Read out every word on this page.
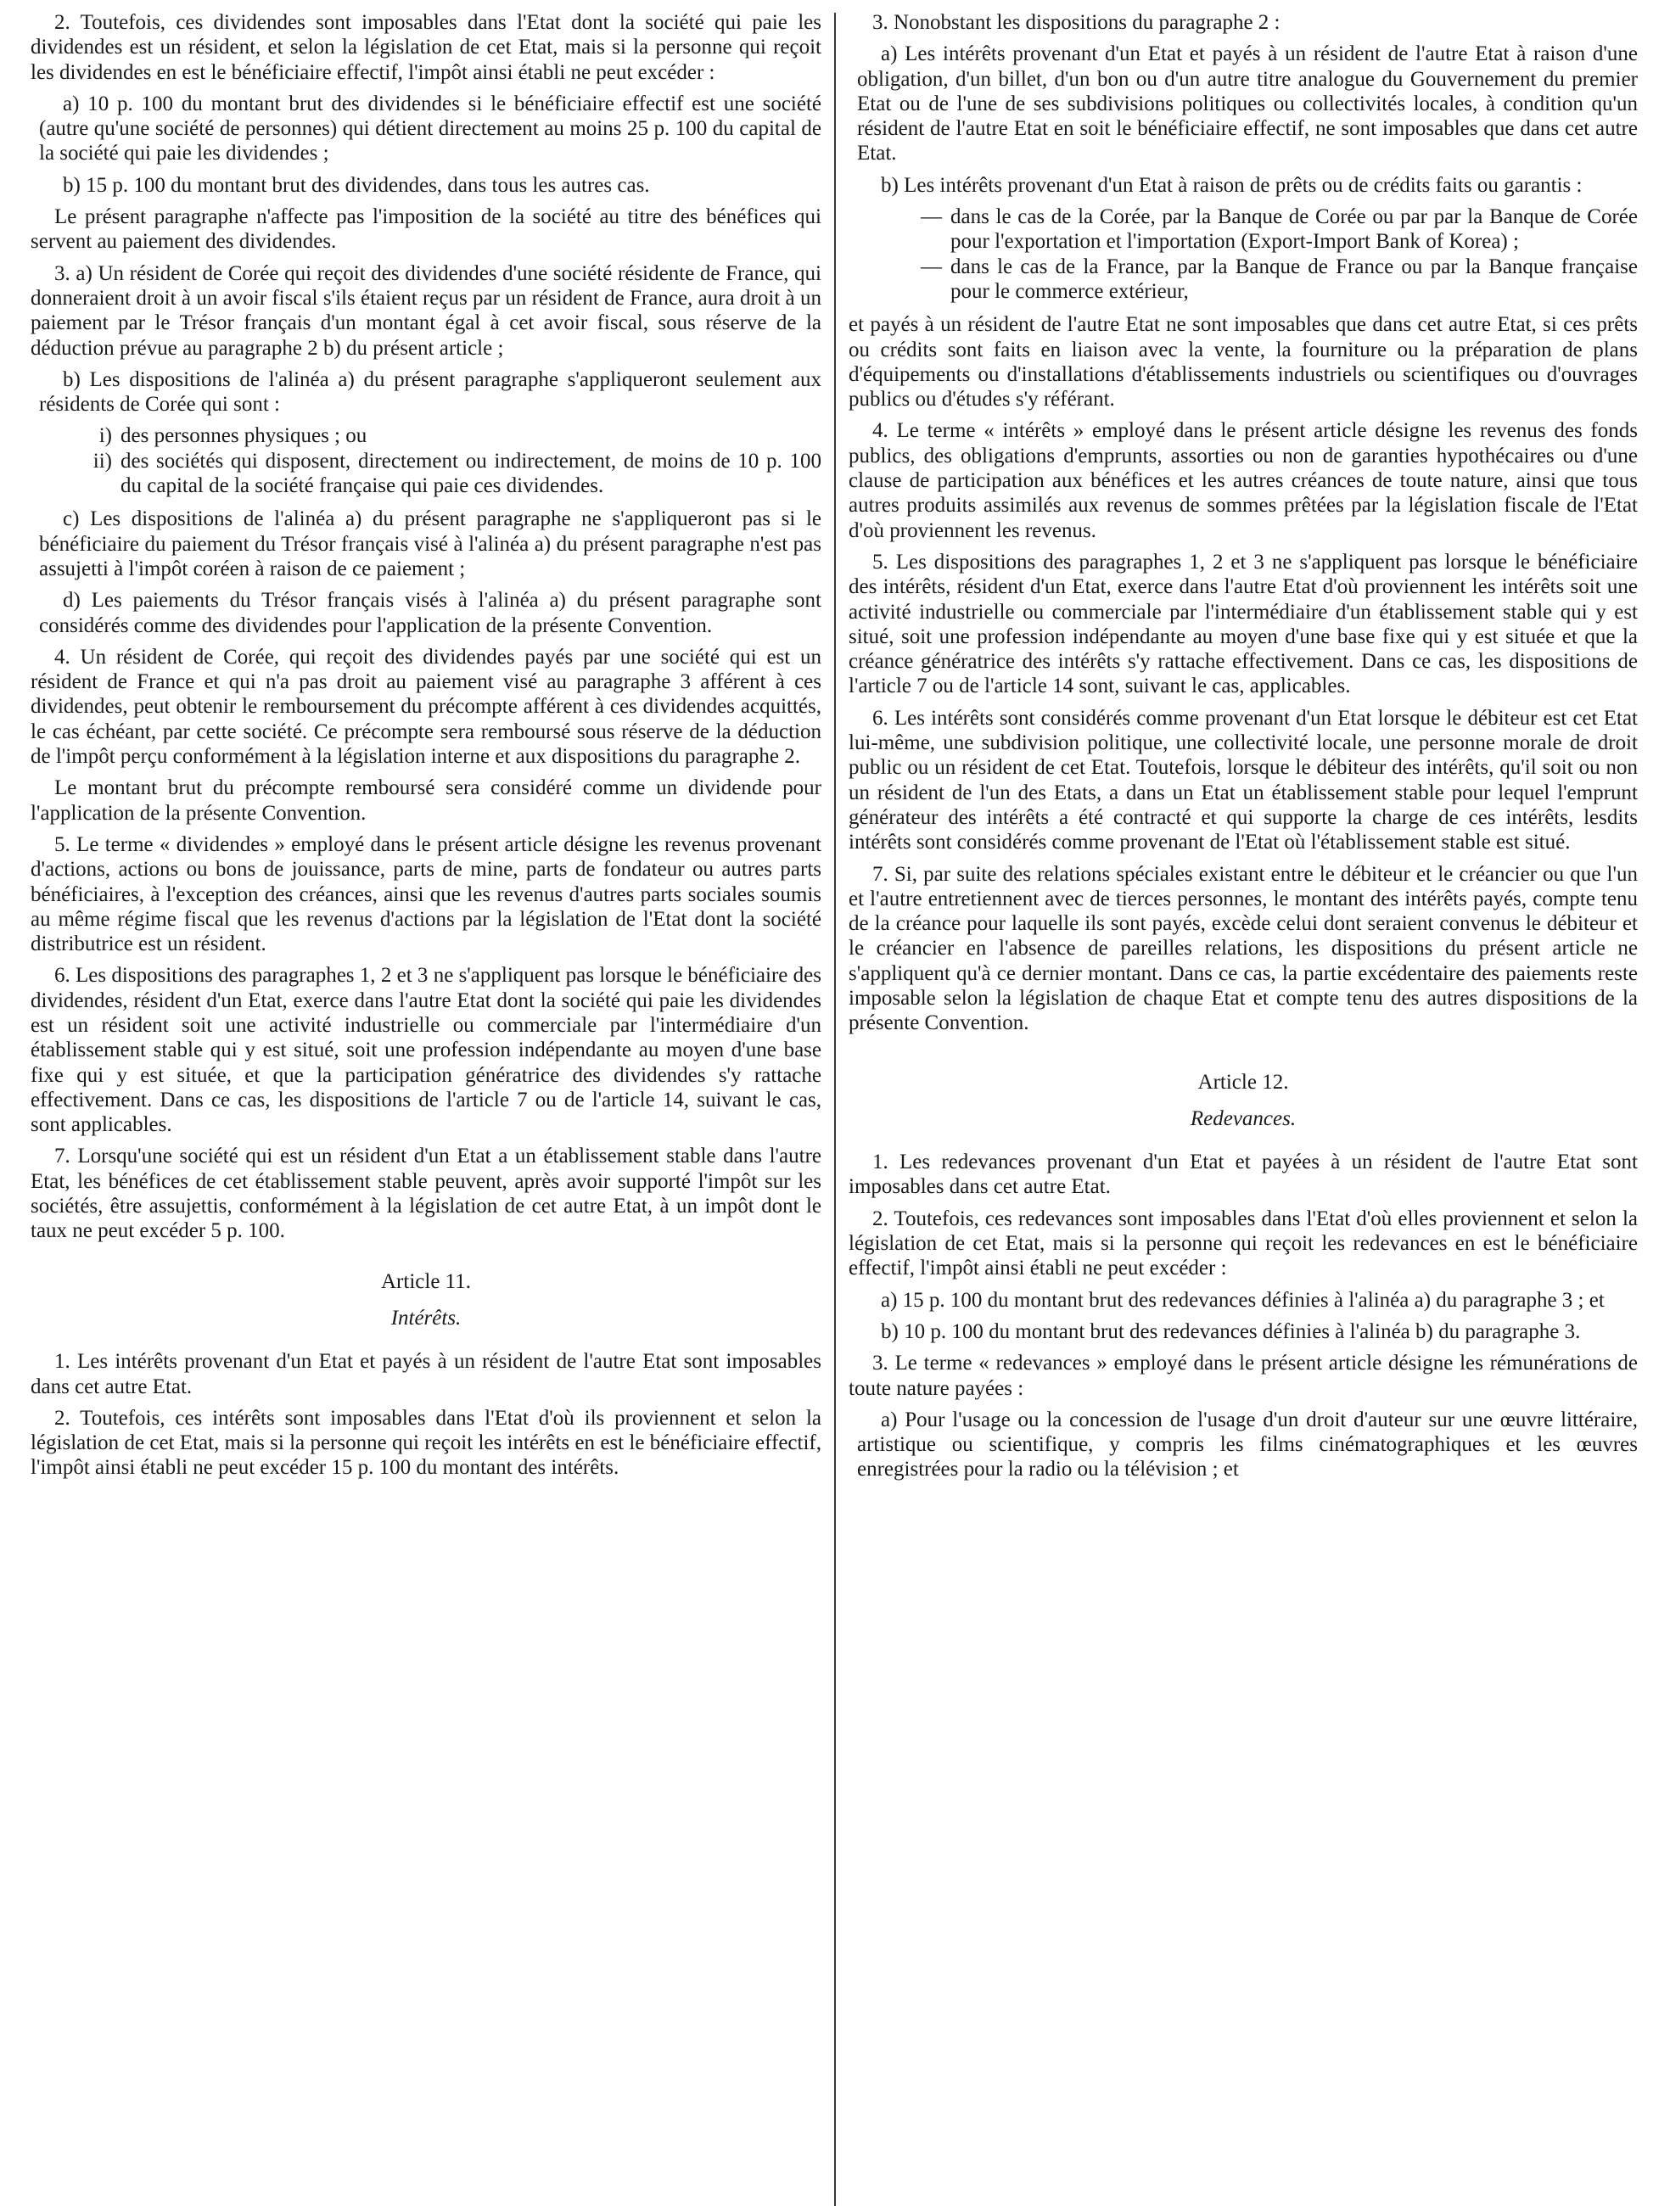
2. Toutefois, ces dividendes sont imposables dans l'Etat dont la société qui paie les dividendes est un résident, et selon la législation de cet Etat, mais si la personne qui reçoit les dividendes en est le bénéficiaire effectif, l'impôt ainsi établi ne peut excéder :

a) 10 p. 100 du montant brut des dividendes si le bénéficiaire effectif est une société (autre qu'une société de personnes) qui détient directement au moins 25 p. 100 du capital de la société qui paie les dividendes ;

b) 15 p. 100 du montant brut des dividendes, dans tous les autres cas.

Le présent paragraphe n'affecte pas l'imposition de la société au titre des bénéfices qui servent au paiement des dividendes.

3. a) Un résident de Corée qui reçoit des dividendes d'une société résidente de France, qui donneraient droit à un avoir fiscal s'ils étaient reçus par un résident de France, aura droit à un paiement par le Trésor français d'un montant égal à cet avoir fiscal, sous réserve de la déduction prévue au paragraphe 2 b) du présent article ;

b) Les dispositions de l'alinéa a) du présent paragraphe s'appliqueront seulement aux résidents de Corée qui sont :

i) des personnes physiques ; ou
ii) des sociétés qui disposent, directement ou indirectement, de moins de 10 p. 100 du capital de la société française qui paie ces dividendes.

c) Les dispositions de l'alinéa a) du présent paragraphe ne s'appliqueront pas si le bénéficiaire du paiement du Trésor français visé à l'alinéa a) du présent paragraphe n'est pas assujetti à l'impôt coréen à raison de ce paiement ;

d) Les paiements du Trésor français visés à l'alinéa a) du présent paragraphe sont considérés comme des dividendes pour l'application de la présente Convention.

4. Un résident de Corée, qui reçoit des dividendes payés par une société qui est un résident de France et qui n'a pas droit au paiement visé au paragraphe 3 afférent à ces dividendes, peut obtenir le remboursement du précompte afférent à ces dividendes acquittés, le cas échéant, par cette société. Ce précompte sera remboursé sous réserve de la déduction de l'impôt perçu conformément à la législation interne et aux dispositions du paragraphe 2.

Le montant brut du précompte remboursé sera considéré comme un dividende pour l'application de la présente Convention.

5. Le terme « dividendes » employé dans le présent article désigne les revenus provenant d'actions, actions ou bons de jouissance, parts de mine, parts de fondateur ou autres parts bénéficiaires, à l'exception des créances, ainsi que les revenus d'autres parts sociales soumis au même régime fiscal que les revenus d'actions par la législation de l'Etat dont la société distributrice est un résident.

6. Les dispositions des paragraphes 1, 2 et 3 ne s'appliquent pas lorsque le bénéficiaire des dividendes, résident d'un Etat, exerce dans l'autre Etat dont la société qui paie les dividendes est un résident soit une activité industrielle ou commerciale par l'intermédiaire d'un établissement stable qui y est situé, soit une profession indépendante au moyen d'une base fixe qui y est située, et que la participation génératrice des dividendes s'y rattache effectivement. Dans ce cas, les dispositions de l'article 7 ou de l'article 14, suivant le cas, sont applicables.

7. Lorsqu'une société qui est un résident d'un Etat a un établissement stable dans l'autre Etat, les bénéfices de cet établissement stable peuvent, après avoir supporté l'impôt sur les sociétés, être assujettis, conformément à la législation de cet autre Etat, à un impôt dont le taux ne peut excéder 5 p. 100.

Article 11.
Intérêts.

1. Les intérêts provenant d'un Etat et payés à un résident de l'autre Etat sont imposables dans cet autre Etat.

2. Toutefois, ces intérêts sont imposables dans l'Etat d'où ils proviennent et selon la législation de cet Etat, mais si la personne qui reçoit les intérêts en est le bénéficiaire effectif, l'impôt ainsi établi ne peut excéder 15 p. 100 du montant des intérêts.

3. Nonobstant les dispositions du paragraphe 2 :

a) Les intérêts provenant d'un Etat et payés à un résident de l'autre Etat à raison d'une obligation, d'un billet, d'un bon ou d'un autre titre analogue du Gouvernement du premier Etat ou de l'une de ses subdivisions politiques ou collectivités locales, à condition qu'un résident de l'autre Etat en soit le bénéficiaire effectif, ne sont imposables que dans cet autre Etat.

b) Les intérêts provenant d'un Etat à raison de prêts ou de crédits faits ou garantis :

— dans le cas de la Corée, par la Banque de Corée ou par par la Banque de Corée pour l'exportation et l'importation (Export-Import Bank of Korea) ;
— dans le cas de la France, par la Banque de France ou par la Banque française pour le commerce extérieur,

et payés à un résident de l'autre Etat ne sont imposables que dans cet autre Etat, si ces prêts ou crédits sont faits en liaison avec la vente, la fourniture ou la préparation de plans d'équipements ou d'installations d'établissements industriels ou scientifiques ou d'ouvrages publics ou d'études s'y référant.

4. Le terme « intérêts » employé dans le présent article désigne les revenus des fonds publics, des obligations d'emprunts, assorties ou non de garanties hypothécaires ou d'une clause de participation aux bénéfices et les autres créances de toute nature, ainsi que tous autres produits assimilés aux revenus de sommes prêtées par la législation fiscale de l'Etat d'où proviennent les revenus.

5. Les dispositions des paragraphes 1, 2 et 3 ne s'appliquent pas lorsque le bénéficiaire des intérêts, résident d'un Etat, exerce dans l'autre Etat d'où proviennent les intérêts soit une activité industrielle ou commerciale par l'intermédiaire d'un établissement stable qui y est situé, soit une profession indépendante au moyen d'une base fixe qui y est située et que la créance génératrice des intérêts s'y rattache effectivement. Dans ce cas, les dispositions de l'article 7 ou de l'article 14 sont, suivant le cas, applicables.

6. Les intérêts sont considérés comme provenant d'un Etat lorsque le débiteur est cet Etat lui-même, une subdivision politique, une collectivité locale, une personne morale de droit public ou un résident de cet Etat. Toutefois, lorsque le débiteur des intérêts, qu'il soit ou non un résident de l'un des Etats, a dans un Etat un établissement stable pour lequel l'emprunt générateur des intérêts a été contracté et qui supporte la charge de ces intérêts, lesdits intérêts sont considérés comme provenant de l'Etat où l'établissement stable est situé.

7. Si, par suite des relations spéciales existant entre le débiteur et le créancier ou que l'un et l'autre entretiennent avec de tierces personnes, le montant des intérêts payés, compte tenu de la créance pour laquelle ils sont payés, excède celui dont seraient convenus le débiteur et le créancier en l'absence de pareilles relations, les dispositions du présent article ne s'appliquent qu'à ce dernier montant. Dans ce cas, la partie excédentaire des paiements reste imposable selon la législation de chaque Etat et compte tenu des autres dispositions de la présente Convention.

Article 12.
Redevances.

1. Les redevances provenant d'un Etat et payées à un résident de l'autre Etat sont imposables dans cet autre Etat.

2. Toutefois, ces redevances sont imposables dans l'Etat d'où elles proviennent et selon la législation de cet Etat, mais si la personne qui reçoit les redevances en est le bénéficiaire effectif, l'impôt ainsi établi ne peut excéder :

a) 15 p. 100 du montant brut des redevances définies à l'alinéa a) du paragraphe 3 ; et

b) 10 p. 100 du montant brut des redevances définies à l'alinéa b) du paragraphe 3.

3. Le terme « redevances » employé dans le présent article désigne les rémunérations de toute nature payées :

a) Pour l'usage ou la concession de l'usage d'un droit d'auteur sur une œuvre littéraire, artistique ou scientifique, y compris les films cinématographiques et les œuvres enregistrées pour la radio ou la télévision ; et
